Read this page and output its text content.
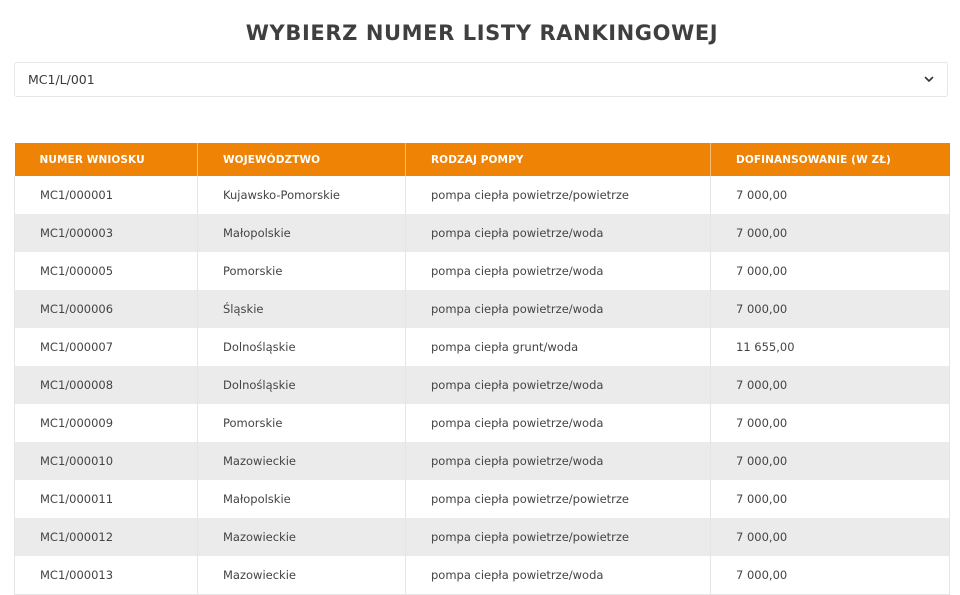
WYBIERZ NUMER LISTY RANKINGOWEJ
MC1/L/001
NUMER WNIOSKU	WOJEWÓDZTWO	RODZAJ POMPY	DOFINANSOWANIE (W ZŁ)
MC1/000001	Kujawsko-Pomorskie	pompa ciepła powietrze/powietrze	7 000,00
MC1/000003	Małopolskie	pompa ciepła powietrze/woda	7 000,00
MC1/000005	Pomorskie	pompa ciepła powietrze/woda	7 000,00
MC1/000006	Śląskie	pompa ciepła powietrze/woda	7 000,00
MC1/000007	Dolnośląskie	pompa ciepła grunt/woda	11 655,00
MC1/000008	Dolnośląskie	pompa ciepła powietrze/woda	7 000,00
MC1/000009	Pomorskie	pompa ciepła powietrze/woda	7 000,00
MC1/000010	Mazowieckie	pompa ciepła powietrze/woda	7 000,00
MC1/000011	Małopolskie	pompa ciepła powietrze/powietrze	7 000,00
MC1/000012	Mazowieckie	pompa ciepła powietrze/powietrze	7 000,00
MC1/000013	Mazowieckie	pompa ciepła powietrze/woda	7 000,00
